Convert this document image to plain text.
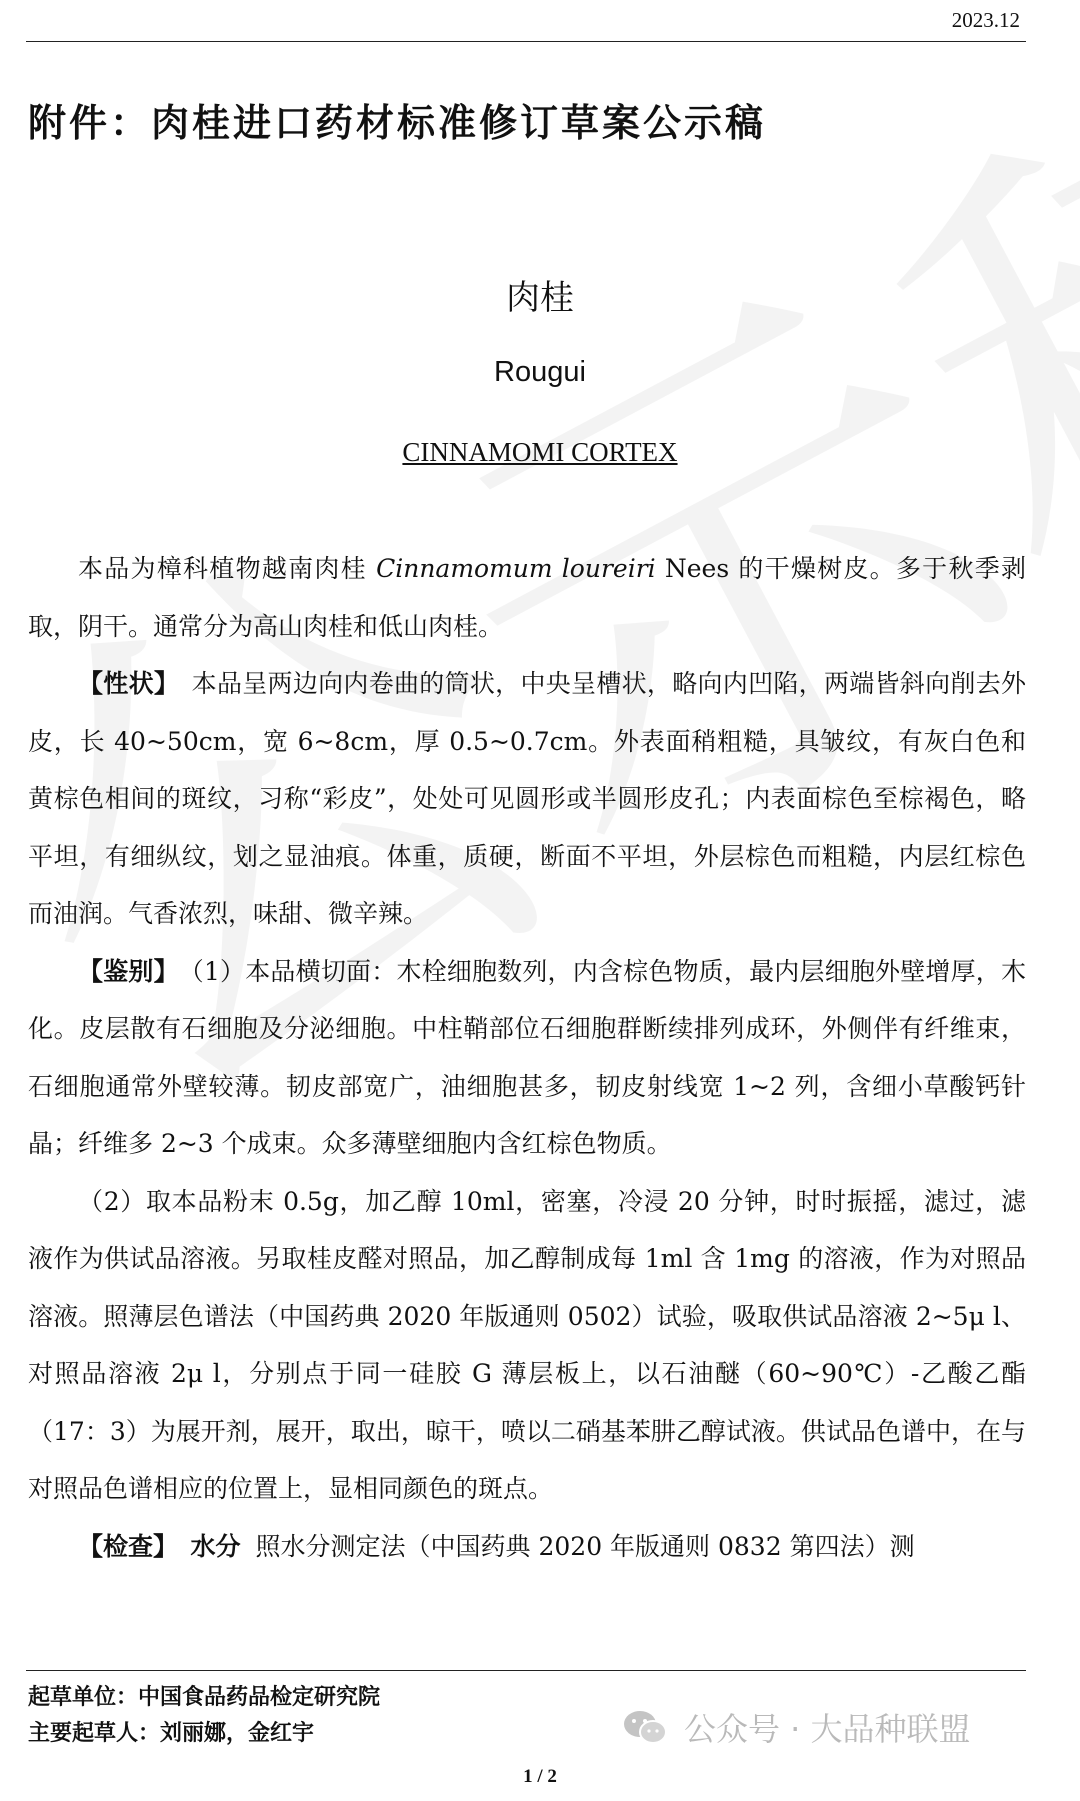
2023.12
附件：肉桂进口药材标准修订草案公示稿
肉桂
Rougui
CINNAMOMI CORTEX

本品为樟科植物越南肉桂 Cinnamomum loureiri Nees 的干燥树皮。多于秋季剥取，阴干。通常分为高山肉桂和低山肉桂。

【性状】 本品呈两边向内卷曲的筒状，中央呈槽状，略向内凹陷，两端皆斜向削去外皮，长 40~50cm，宽 6~8cm，厚 0.5~0.7cm。外表面稍粗糙，具皱纹，有灰白色和黄棕色相间的斑纹，习称“彩皮”，处处可见圆形或半圆形皮孔；内表面棕色至棕褐色，略平坦，有细纵纹，划之显油痕。体重，质硬，断面不平坦，外层棕色而粗糙，内层红棕色而油润。气香浓烈，味甜、微辛辣。

【鉴别】 （1）本品横切面：木栓细胞数列，内含棕色物质，最内层细胞外壁增厚，木化。皮层散有石细胞及分泌细胞。中柱鞘部位石细胞群断续排列成环，外侧伴有纤维束，石细胞通常外壁较薄。韧皮部宽广，油细胞甚多，韧皮射线宽 1~2 列，含细小草酸钙针晶；纤维多 2~3 个成束。众多薄壁细胞内含红棕色物质。

（2）取本品粉末 0.5g，加乙醇 10ml，密塞，冷浸 20 分钟，时时振摇，滤过，滤液作为供试品溶液。另取桂皮醛对照品，加乙醇制成每 1ml 含 1mg 的溶液，作为对照品溶液。照薄层色谱法（中国药典 2020 年版通则 0502）试验，吸取供试品溶液 2~5μ l、对照品溶液 2μ l，分别点于同一硅胶 G 薄层板上，以石油醚（60~90℃）-乙酸乙酯（17：3）为展开剂，展开，取出，晾干，喷以二硝基苯肼乙醇试液。供试品色谱中，在与对照品色谱相应的位置上，显相同颜色的斑点。

【检查】 水分 照水分测定法（中国药典 2020 年版通则 0832 第四法）测

起草单位：中国食品药品检定研究院
主要起草人：刘丽娜，金红宇	公众号 · 大品种联盟
1 / 2
